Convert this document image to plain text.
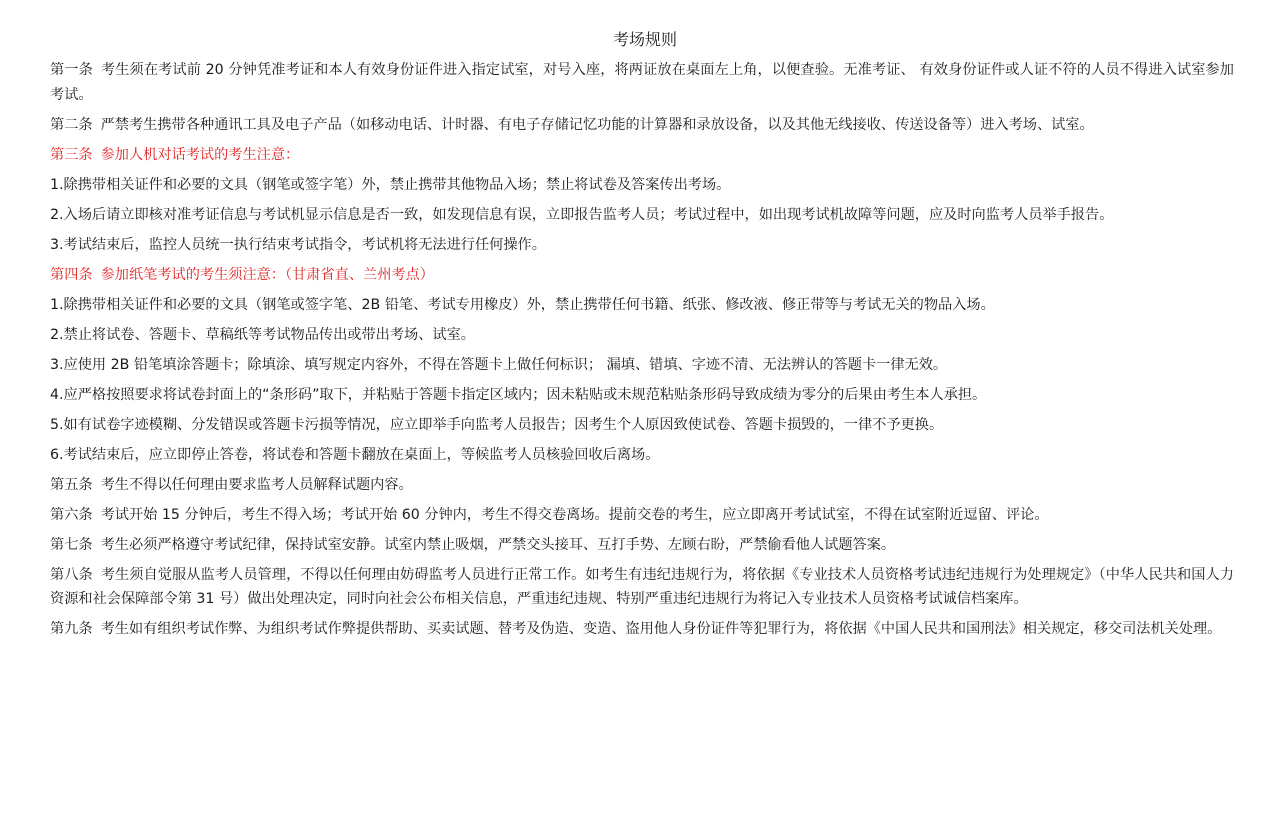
考场规则

第一条 考生须在考试前 20 分钟凭准考证和本人有效身份证件进入指定试室，对号入座，将两证放在桌面左上角，以便查验。无准考证、 有效身份证件或人证不符的人员不得进入试室参加考试。

第二条 严禁考生携带各种通讯工具及电子产品（如移动电话、计时器、有电子存储记忆功能的计算器和录放设备，以及其他无线接收、传送设备等）进入考场、试室。

第三条 参加人机对话考试的考生注意：

1.除携带相关证件和必要的文具（钢笔或签字笔）外，禁止携带其他物品入场；禁止将试卷及答案传出考场。

2.入场后请立即核对准考证信息与考试机显示信息是否一致，如发现信息有误，立即报告监考人员；考试过程中，如出现考试机故障等问题，应及时向监考人员举手报告。

3.考试结束后，监控人员统一执行结束考试指令，考试机将无法进行任何操作。

第四条 参加纸笔考试的考生须注意：（甘肃省直、兰州考点）

1.除携带相关证件和必要的文具（钢笔或签字笔、2B 铅笔、考试专用橡皮）外，禁止携带任何书籍、纸张、修改液、修正带等与考试无关的物品入场。

2.禁止将试卷、答题卡、草稿纸等考试物品传出或带出考场、试室。

3.应使用 2B 铅笔填涂答题卡；除填涂、填写规定内容外，不得在答题卡上做任何标识； 漏填、错填、字迹不清、无法辨认的答题卡一律无效。

4.应严格按照要求将试卷封面上的“条形码”取下，并粘贴于答题卡指定区域内；因未粘贴或未规范粘贴条形码导致成绩为零分的后果由考生本人承担。

5.如有试卷字迹模糊、分发错误或答题卡污损等情况，应立即举手向监考人员报告；因考生个人原因致使试卷、答题卡损毁的，一律不予更换。

6.考试结束后，应立即停止答卷，将试卷和答题卡翻放在桌面上，等候监考人员核验回收后离场。

第五条 考生不得以任何理由要求监考人员解释试题内容。

第六条 考试开始 15 分钟后，考生不得入场；考试开始 60 分钟内，考生不得交卷离场。提前交卷的考生，应立即离开考试试室，不得在试室附近逗留、评论。

第七条 考生必须严格遵守考试纪律，保持试室安静。试室内禁止吸烟，严禁交头接耳、互打手势、左顾右盼，严禁偷看他人试题答案。

第八条 考生须自觉服从监考人员管理，不得以任何理由妨碍监考人员进行正常工作。如考生有违纪违规行为，将依据《专业技术人员资格考试违纪违规行为处理规定》（中华人民共和国人力资源和社会保障部令第 31 号）做出处理决定，同时向社会公布相关信息，严重违纪违规、特别严重违纪违规行为将记入专业技术人员资格考试诚信档案库。

第九条 考生如有组织考试作弊、为组织考试作弊提供帮助、买卖试题、替考及伪造、变造、盗用他人身份证件等犯罪行为，将依据《中国人民共和国刑法》相关规定，移交司法机关处理。
